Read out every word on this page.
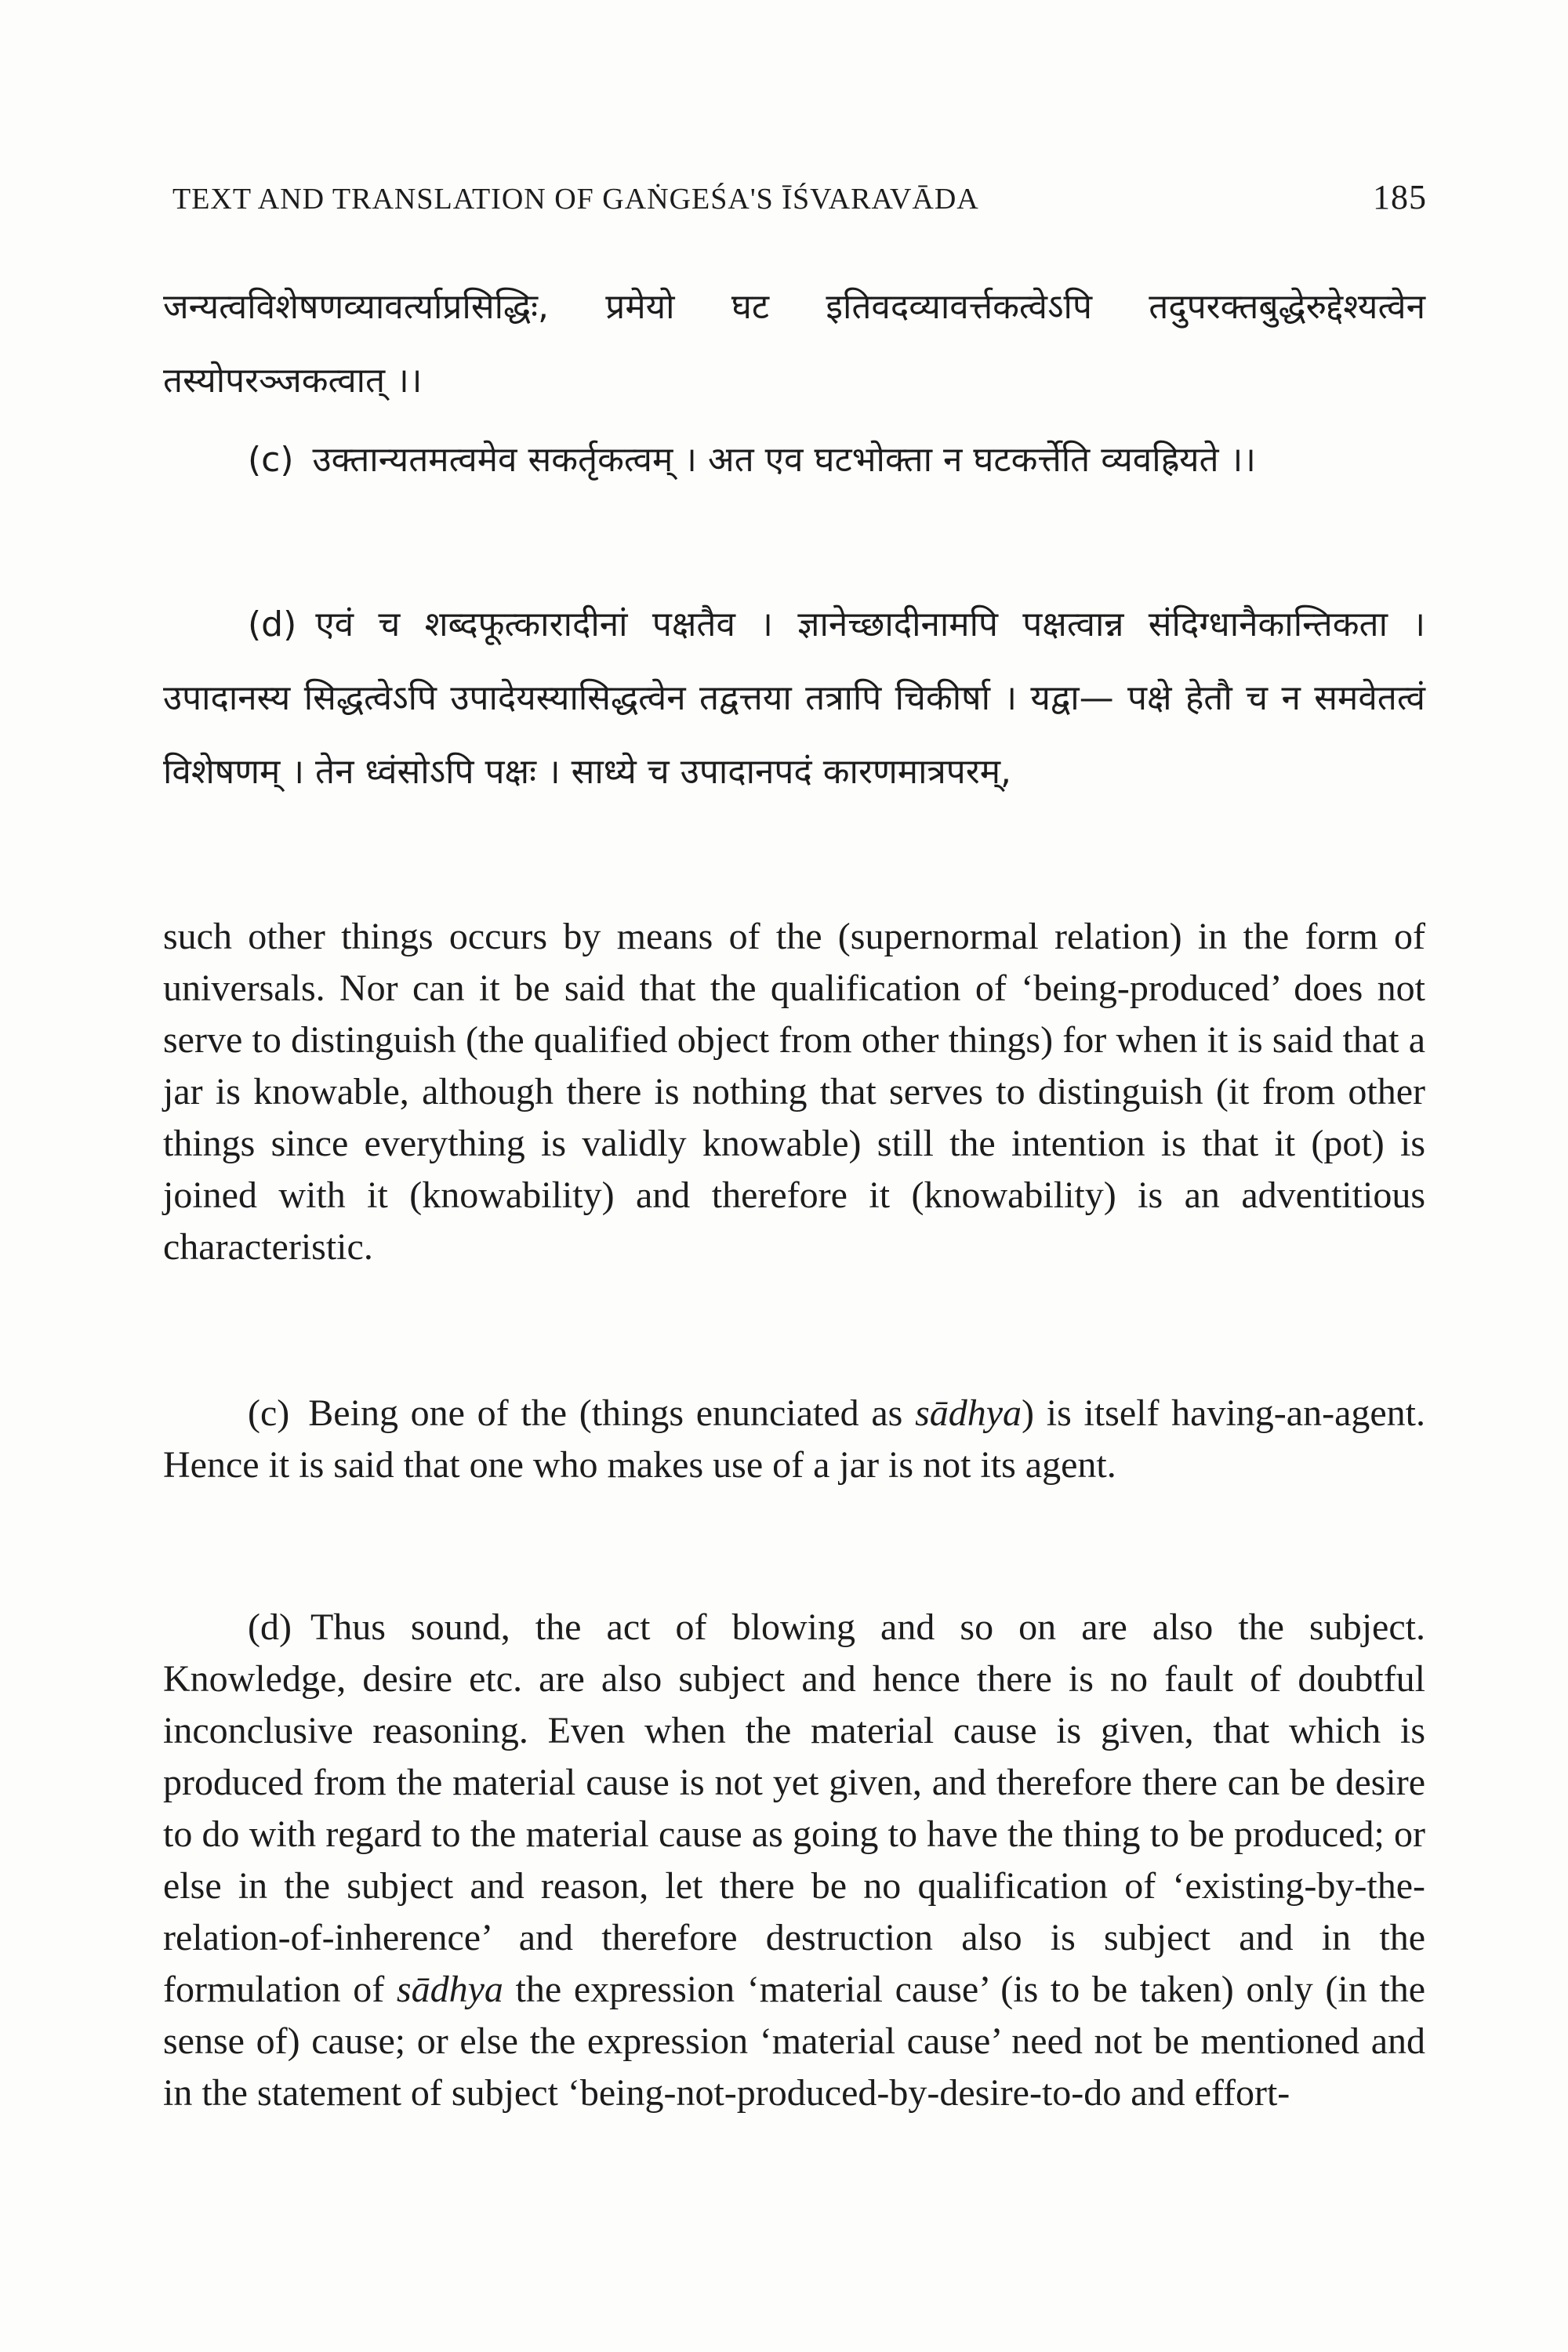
TEXT AND TRANSLATION OF GAṄGEŚA'S ĪŚVARAVĀDA	185
जन्यत्वविशेषणव्यावर्त्याप्रसिद्धिः, प्रमेयो घट इतिवदव्यावर्त्तकत्वेऽपि तदुपरक्तबुद्धेरुद्देश्यत्वेन तस्योपरञ्जकत्वात् ।।
(c) उक्तान्यतमत्वमेव सकर्तृकत्वम् । अत एव घटभोक्ता न घटकर्त्तेति व्यवह्रियते ।।
(d) एवं च शब्दफूत्कारादीनां पक्षतैव । ज्ञानेच्छादीनामपि पक्षत्वान्न संदिग्धानैकान्तिकता । उपादानस्य सिद्धत्वेऽपि उपादेयस्यासिद्धत्वेन तद्वत्तया तत्रापि चिकीर्षा । यद्वा— पक्षे हेतौ च न समवेतत्वं विशेषणम् । तेन ध्वंसोऽपि पक्षः । साध्ये च उपादानपदं कारणमात्रपरम्,
such other things occurs by means of the (supernormal relation) in the form of universals. Nor can it be said that the qualification of ‘being-produced’ does not serve to distinguish (the qualified object from other things) for when it is said that a jar is knowable, although there is nothing that serves to distinguish (it from other things since everything is validly knowable) still the intention is that it (pot) is joined with it (knowability) and therefore it (knowability) is an adventitious characteristic.
(c) Being one of the (things enunciated as sādhya) is itself having-an-agent. Hence it is said that one who makes use of a jar is not its agent.
(d) Thus sound, the act of blowing and so on are also the subject. Knowledge, desire etc. are also subject and hence there is no fault of doubtful inconclusive reasoning. Even when the material cause is given, that which is produced from the material cause is not yet given, and therefore there can be desire to do with regard to the material cause as going to have the thing to be produced; or else in the subject and reason, let there be no qualification of ‘existing-by-the-relation-of-inherence’ and therefore destruction also is subject and in the formulation of sādhya the expression ‘material cause’ (is to be taken) only (in the sense of) cause; or else the expression ‘material cause’ need not be mentioned and in the statement of subject ‘being-not-produced-by-desire-to-do and effort-
